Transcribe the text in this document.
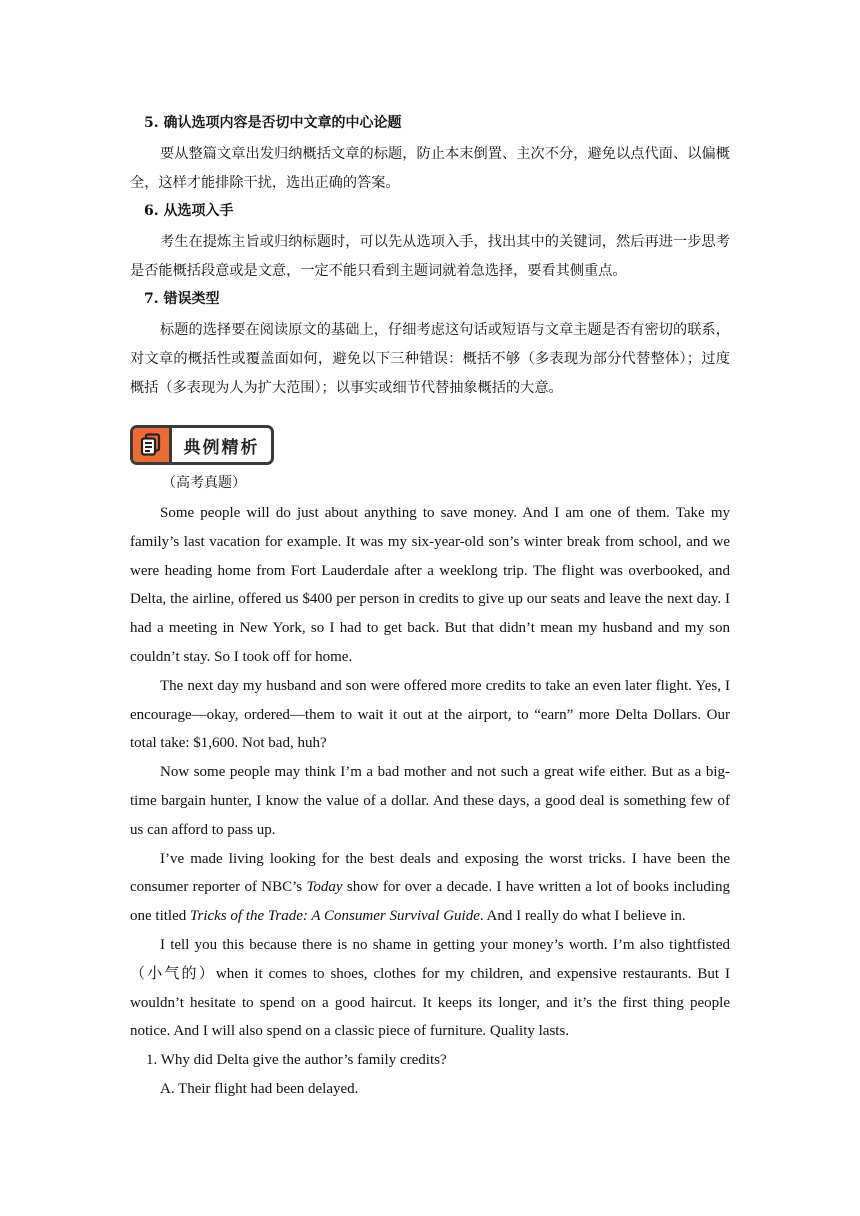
5. 确认选项内容是否切中文章的中心论题

要从整篇文章出发归纳概括文章的标题，防止本末倒置、主次不分，避免以点代面、以偏概全，这样才能排除干扰，选出正确的答案。

6. 从选项入手

考生在提炼主旨或归纳标题时，可以先从选项入手，找出其中的关键词，然后再进一步思考是否能概括段意或是文意，一定不能只看到主题词就着急选择，要看其侧重点。

7. 错误类型

标题的选择要在阅读原文的基础上，仔细考虑这句话或短语与文章主题是否有密切的联系，对文章的概括性或覆盖面如何，避免以下三种错误：概括不够（多表现为部分代替整体）；过度概括（多表现为人为扩大范围）；以事实或细节代替抽象概括的大意。

典例精析

（高考真题）

Some people will do just about anything to save money. And I am one of them. Take my family’s last vacation for example. It was my six-year-old son’s winter break from school, and we were heading home from Fort Lauderdale after a weeklong trip. The flight was overbooked, and Delta, the airline, offered us $400 per person in credits to give up our seats and leave the next day. I had a meeting in New York, so I had to get back. But that didn’t mean my husband and my son couldn’t stay. So I took off for home.

The next day my husband and son were offered more credits to take an even later flight. Yes, I encourage—okay, ordered—them to wait it out at the airport, to “earn” more Delta Dollars. Our total take: $1,600. Not bad, huh?

Now some people may think I’m a bad mother and not such a great wife either. But as a big-time bargain hunter, I know the value of a dollar. And these days, a good deal is something few of us can afford to pass up.

I’ve made living looking for the best deals and exposing the worst tricks. I have been the consumer reporter of NBC’s Today show for over a decade. I have written a lot of books including one titled Tricks of the Trade: A Consumer Survival Guide. And I really do what I believe in.

I tell you this because there is no shame in getting your money’s worth. I’m also tightfisted（小气的）when it comes to shoes, clothes for my children, and expensive restaurants. But I wouldn’t hesitate to spend on a good haircut. It keeps its longer, and it’s the first thing people notice. And I will also spend on a classic piece of furniture. Quality lasts.

1. Why did Delta give the author’s family credits?

A. Their flight had been delayed.
